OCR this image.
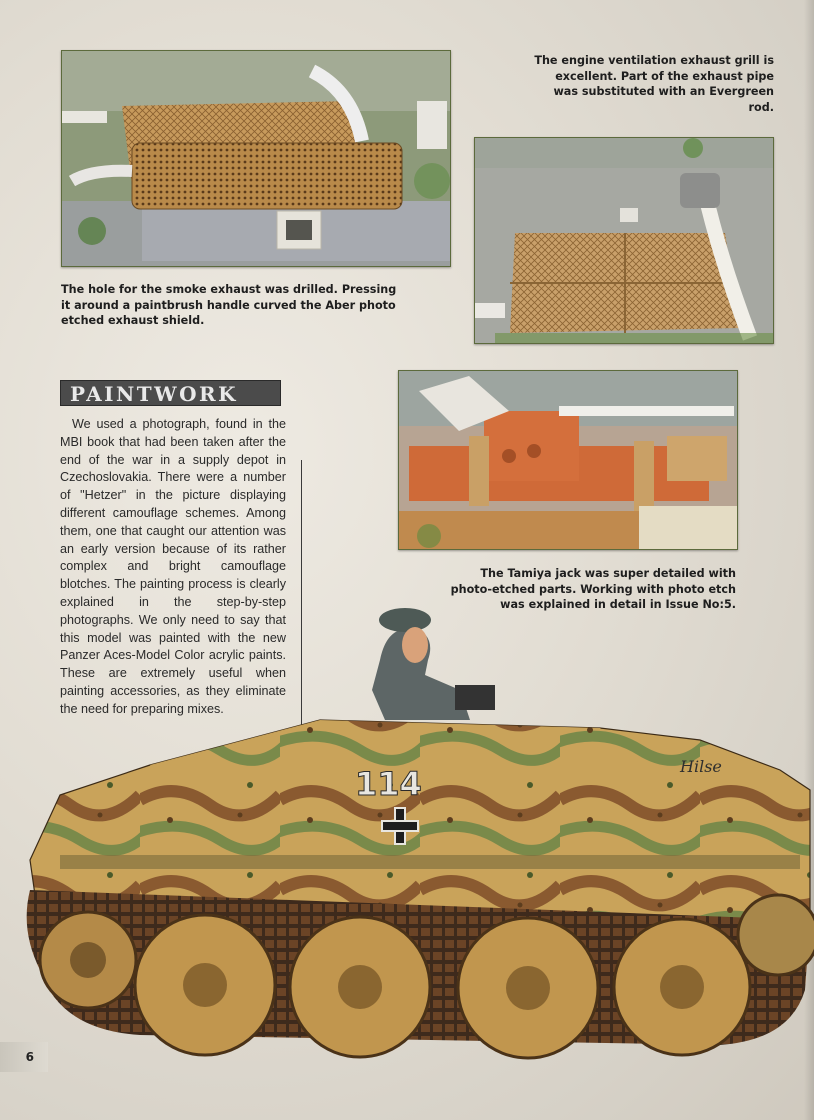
The engine ventilation exhaust grill is excellent. Part of the exhaust pipe was substituted with an Evergreen rod.
The hole for the smoke exhaust was drilled. Pressing it around a paintbrush handle curved the Aber photo etched exhaust shield.
PAINTWORK
We used a photograph, found in the MBI book that had been taken after the end of the war in a supply depot in Czechoslovakia. There were a number of "Hetzer" in the picture displaying different camouflage schemes. Among them, one that caught our attention was an early version because of its rather complex and bright camouflage blotches. The painting process is clearly explained in the step-by-step photographs. We only need to say that this model was painted with the new Panzer Aces-Model Color acrylic paints. These are extremely useful when painting accessories, as they eliminate the need for preparing mixes.
The Tamiya jack was super detailed with photo-etched parts. Working with photo etch was explained in detail in Issue No:5.
114	Hilse
6
